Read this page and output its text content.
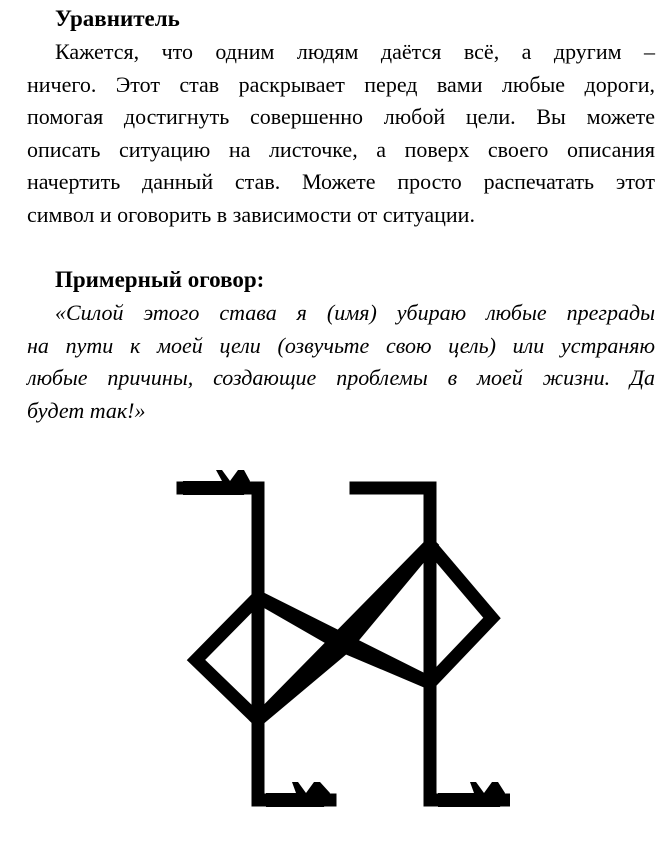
Уравнитель

Кажется, что одним людям даётся всё, а другим –
ничего. Этот став раскрывает перед вами любые дороги,
помогая достигнуть совершенно любой цели. Вы можете
описать ситуацию на листочке, а поверх своего описания
начертить данный став. Можете просто распечатать этот
символ и оговорить в зависимости от ситуации.

Примерный оговор:

«Силой этого става я (имя) убираю любые преграды
на пути к моей цели (озвучьте свою цель) или устраняю
любые причины, создающие проблемы в моей жизни. Да
будет так!»
